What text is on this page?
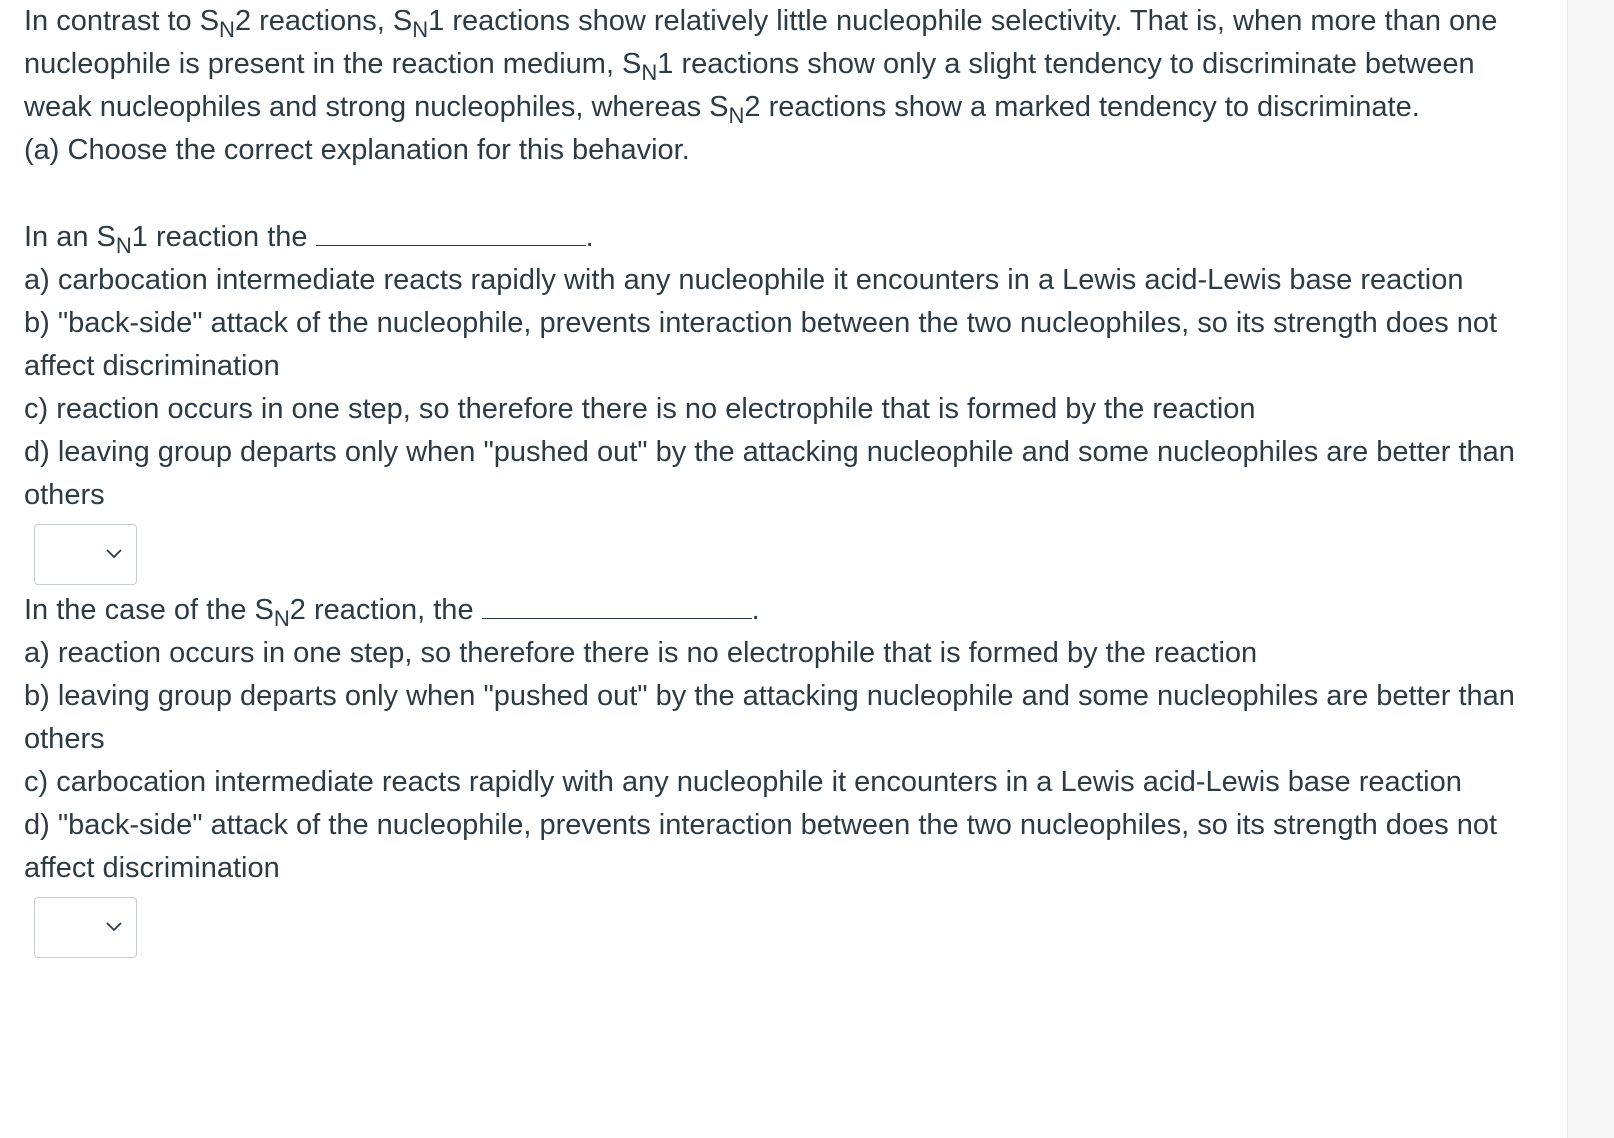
In contrast to $S_N2$ reactions, $S_N1$ reactions show relatively little nucleophile selectivity. That is, when more than one nucleophile is present in the reaction medium, $S_N1$ reactions show only a slight tendency to discriminate between weak nucleophiles and strong nucleophiles, whereas $S_N2$ reactions show a marked tendency to discriminate.

(a) Choose the correct explanation for this behavior.

In an $S_N1$ reaction the	.

a) carbocation intermediate reacts rapidly with any nucleophile it encounters in a Lewis acid-Lewis base reaction

b) "back-side" attack of the nucleophile, prevents interaction between the two nucleophiles, so its strength does not affect discrimination

c) reaction occurs in one step, so therefore there is no electrophile that is formed by the reaction

d) leaving group departs only when "pushed out" by the attacking nucleophile and some nucleophiles are better than others

In the case of the $S_N2$ reaction, the	.

a) reaction occurs in one step, so therefore there is no electrophile that is formed by the reaction

b) leaving group departs only when "pushed out" by the attacking nucleophile and some nucleophiles are better than others

c) carbocation intermediate reacts rapidly with any nucleophile it encounters in a Lewis acid-Lewis base reaction

d) "back-side" attack of the nucleophile, prevents interaction between the two nucleophiles, so its strength does not affect discrimination
